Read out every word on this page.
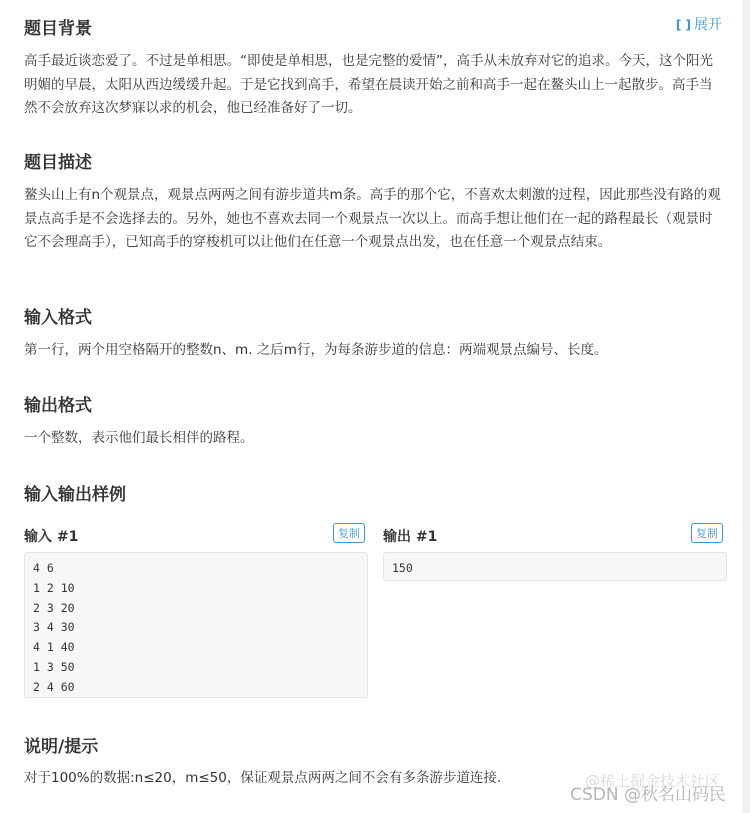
[ ] 展开
题目背景

高手最近谈恋爱了。不过是单相思。“即使是单相思，也是完整的爱情”，高手从未放弃对它的追求。今天，这个阳光明媚的早晨，太阳从西边缓缓升起。于是它找到高手，希望在晨读开始之前和高手一起在鳌头山上一起散步。高手当然不会放弃这次梦寐以求的机会，他已经准备好了一切。

题目描述

鳌头山上有n个观景点，观景点两两之间有游步道共m条。高手的那个它，不喜欢太刺激的过程，因此那些没有路的观景点高手是不会选择去的。另外，她也不喜欢去同一个观景点一次以上。而高手想让他们在一起的路程最长（观景时它不会理高手），已知高手的穿梭机可以让他们在任意一个观景点出发，也在任意一个观景点结束。

输入格式

第一行，两个用空格隔开的整数n、m. 之后m行，为每条游步道的信息：两端观景点编号、长度。

输出格式

一个整数，表示他们最长相伴的路程。

输入输出样例
输入 #1	复制
4 6
1 2 10
2 3 20
3 4 30
4 1 40
1 3 50
2 4 60
输出 #1	复制
150
说明/提示

对于100%的数据:n≤20，m≤50，保证观景点两两之间不会有多条游步道连接.	@稀土掘金技术社区
CSDN @秋名山码民
